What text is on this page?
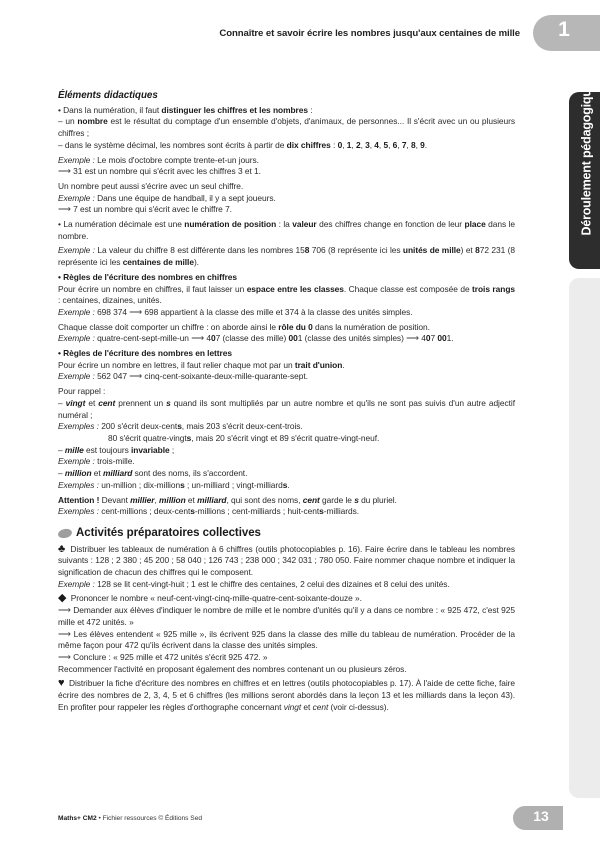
Connaître et savoir écrire les nombres jusqu'aux centaines de mille	1
Déroulement pédagogique
Éléments didactiques

• Dans la numération, il faut distinguer les chiffres et les nombres :

– un nombre est le résultat du comptage d'un ensemble d'objets, d'animaux, de personnes... Il s'écrit avec un ou plusieurs chiffres ;

– dans le système décimal, les nombres sont écrits à partir de dix chiffres : 0, 1, 2, 3, 4, 5, 6, 7, 8, 9.

Exemple : Le mois d'octobre compte trente-et-un jours.

⟶ 31 est un nombre qui s'écrit avec les chiffres 3 et 1.

Un nombre peut aussi s'écrire avec un seul chiffre.

Exemple : Dans une équipe de handball, il y a sept joueurs.

⟶ 7 est un nombre qui s'écrit avec le chiffre 7.

• La numération décimale est une numération de position : la valeur des chiffres change en fonction de leur place dans le nombre.

Exemple : La valeur du chiffre 8 est différente dans les nombres 158 706 (8 représente ici les unités de mille) et 872 231 (8 représente ici les centaines de mille).

• Règles de l'écriture des nombres en chiffres

Pour écrire un nombre en chiffres, il faut laisser un espace entre les classes. Chaque classe est composée de trois rangs : centaines, dizaines, unités.

Exemple : 698 374 ⟶ 698 appartient à la classe des mille et 374 à la classe des unités simples.

Chaque classe doit comporter un chiffre : on aborde ainsi le rôle du 0 dans la numération de position.

Exemple : quatre-cent-sept-mille-un ⟶ 407 (classe des mille) 001 (classe des unités simples) ⟶ 407 001.

• Règles de l'écriture des nombres en lettres

Pour écrire un nombre en lettres, il faut relier chaque mot par un trait d'union.

Exemple : 562 047 ⟶ cinq-cent-soixante-deux-mille-quarante-sept.

Pour rappel :

– vingt et cent prennent un s quand ils sont multipliés par un autre nombre et qu'ils ne sont pas suivis d'un autre adjectif numéral ;

Exemples : 200 s'écrit deux-cents, mais 203 s'écrit deux-cent-trois.

80 s'écrit quatre-vingts, mais 20 s'écrit vingt et 89 s'écrit quatre-vingt-neuf.

– mille est toujours invariable ;

Exemple : trois-mille.

– million et milliard sont des noms, ils s'accordent.

Exemples : un-million ; dix-millions ; un-milliard ; vingt-milliards.

Attention ! Devant millier, million et milliard, qui sont des noms, cent garde le s du pluriel.

Exemples : cent-millions ; deux-cents-millions ; cent-milliards ; huit-cents-milliards.

Activités préparatoires collectives

♣ Distribuer les tableaux de numération à 6 chiffres (outils photocopiables p. 16). Faire écrire dans le tableau les nombres suivants : 128 ; 2 380 ; 45 200 ; 58 040 ; 126 743 ; 238 000 ; 342 031 ; 780 050. Faire nommer chaque nombre et indiquer la signification de chacun des chiffres qui le composent.

Exemple : 128 se lit cent-vingt-huit ; 1 est le chiffre des centaines, 2 celui des dizaines et 8 celui des unités.

◆ Prononcer le nombre « neuf-cent-vingt-cinq-mille-quatre-cent-soixante-douze ».

⟶ Demander aux élèves d'indiquer le nombre de mille et le nombre d'unités qu'il y a dans ce nombre : « 925 472, c'est 925 mille et 472 unités. »

⟶ Les élèves entendent « 925 mille », ils écrivent 925 dans la classe des mille du tableau de numération. Procéder de la même façon pour 472 qu'ils écrivent dans la classe des unités simples.

⟶ Conclure : « 925 mille et 472 unités s'écrit 925 472. »

Recommencer l'activité en proposant également des nombres contenant un ou plusieurs zéros.

♥ Distribuer la fiche d'écriture des nombres en chiffres et en lettres (outils photocopiables p. 17). À l'aide de cette fiche, faire écrire des nombres de 2, 3, 4, 5 et 6 chiffres (les millions seront abordés dans la leçon 13 et les milliards dans la leçon 43). En profiter pour rappeler les règles d'orthographe concernant vingt et cent (voir ci-dessus).

Maths+ CM2 • Fichier ressources © Éditions Sed	13
